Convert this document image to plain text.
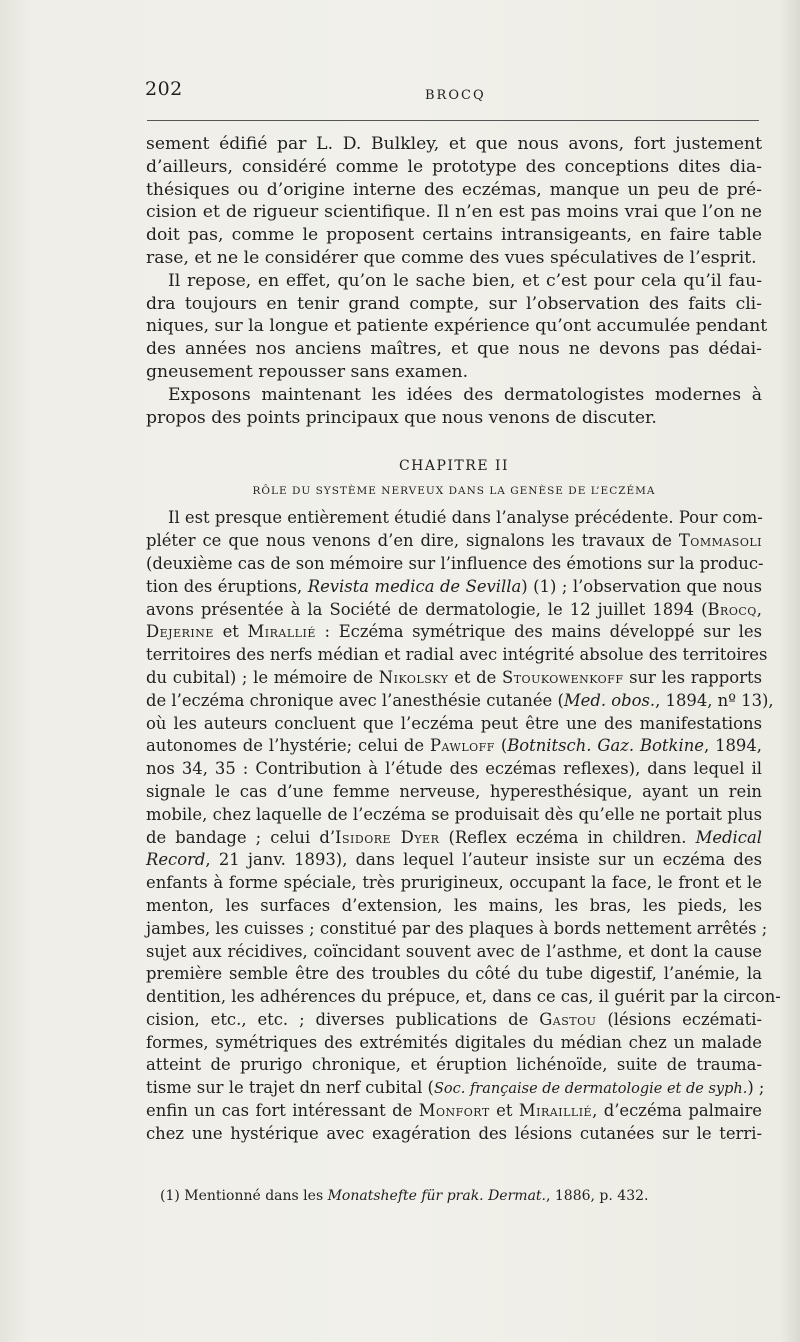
202	BROCQ
sement édifié par L. D. Bulkley, et que nous avons, fort justement
d’ailleurs, considéré comme le prototype des conceptions dites dia-
thésiques ou d’origine interne des eczémas, manque un peu de pré-
cision et de rigueur scientifique. Il n’en est pas moins vrai que l’on ne
doit pas, comme le proposent certains intransigeants, en faire table
rase, et ne le considérer que comme des vues spéculatives de l’esprit.
Il repose, en effet, qu’on le sache bien, et c’est pour cela qu’il fau-
dra toujours en tenir grand compte, sur l’observation des faits cli-
niques, sur la longue et patiente expérience qu’ont accumulée pendant
des années nos anciens maîtres, et que nous ne devons pas dédai-
gneusement repousser sans examen.
Exposons maintenant les idées des dermatologistes modernes à
propos des points principaux que nous venons de discuter.
CHAPITRE II
RÔLE DU SYSTÈME NERVEUX DANS LA GENÈSE DE L’ECZÉMA
Il est presque entièrement étudié dans l’analyse précédente. Pour com-
pléter ce que nous venons d’en dire, signalons les travaux de Tommasoli
(deuxième cas de son mémoire sur l’influence des émotions sur la produc-
tion des éruptions, Revista medica de Sevilla) (1) ; l’observation que nous
avons présentée à la Société de dermatologie, le 12 juillet 1894 (Brocq,
Dejerine et Mirallié : Eczéma symétrique des mains développé sur les
territoires des nerfs médian et radial avec intégrité absolue des territoires
du cubital) ; le mémoire de Nikolsky et de Stoukowenkoff sur les rapports
de l’eczéma chronique avec l’anesthésie cutanée (Med. obos., 1894, nº 13),
où les auteurs concluent que l’eczéma peut être une des manifestations
autonomes de l’hystérie; celui de Pawloff (Botnitsch. Gaz. Botkine, 1894,
nos 34, 35 : Contribution à l’étude des eczémas reflexes), dans lequel il
signale le cas d’une femme nerveuse, hyperesthésique, ayant un rein
mobile, chez laquelle de l’eczéma se produisait dès qu’elle ne portait plus
de bandage ; celui d’Isidore Dyer (Reflex eczéma in children. Medical
Record, 21 janv. 1893), dans lequel l’auteur insiste sur un eczéma des
enfants à forme spéciale, très prurigineux, occupant la face, le front et le
menton, les surfaces d’extension, les mains, les bras, les pieds, les
jambes, les cuisses ; constitué par des plaques à bords nettement arrêtés ;
sujet aux récidives, coïncidant souvent avec de l’asthme, et dont la cause
première semble être des troubles du côté du tube digestif, l’anémie, la
dentition, les adhérences du prépuce, et, dans ce cas, il guérit par la circon-
cision, etc., etc. ; diverses publications de Gastou (lésions eczémati-
formes, symétriques des extrémités digitales du médian chez un malade
atteint de prurigo chronique, et éruption lichénoïde, suite de trauma-
tisme sur le trajet dn nerf cubital (Soc. française de dermatologie et de syph.) ;
enfin un cas fort intéressant de Monfort et Miraillié, d’eczéma palmaire
chez une hystérique avec exagération des lésions cutanées sur le terri-
(1) Mentionné dans les Monatshefte für prak. Dermat., 1886, p. 432.
